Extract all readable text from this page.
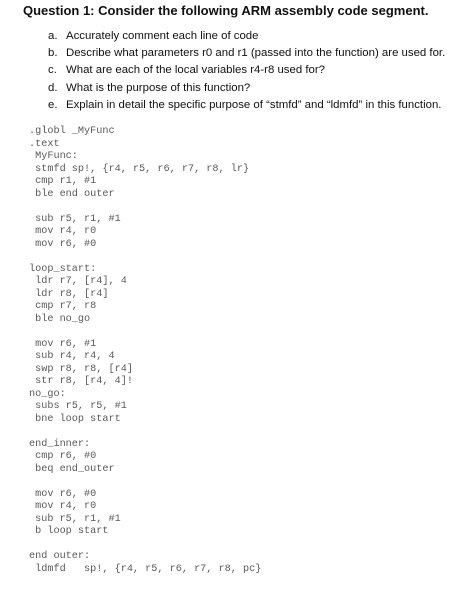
Question 1: Consider the following ARM assembly code segment.
a. Accurately comment each line of code
b. Describe what parameters r0 and r1 (passed into the function) are used for.
c. What are each of the local variables r4-r8 used for?
d. What is the purpose of this function?
e. Explain in detail the specific purpose of “stmfd” and “ldmfd” in this function.
.globl _MyFunc
.text
MyFunc:
stmfd sp!, {r4, r5, r6, r7, r8, lr}
cmp r1, #1
ble end outer
sub r5, r1, #1
mov r4, r0
mov r6, #0
loop_start:
ldr r7, [r4], 4
ldr r8, [r4]
cmp r7, r8
ble no_go
mov r6, #1
sub r4, r4, 4
swp r8, r8, [r4]
str r8, [r4, 4]!
no_go:
subs r5, r5, #1
bne loop start
end_inner:
cmp r6, #0
beq end_outer
mov r6, #0
mov r4, r0
sub r5, r1, #1
b loop start
end outer:
ldmfd   sp!, {r4, r5, r6, r7, r8, pc}
